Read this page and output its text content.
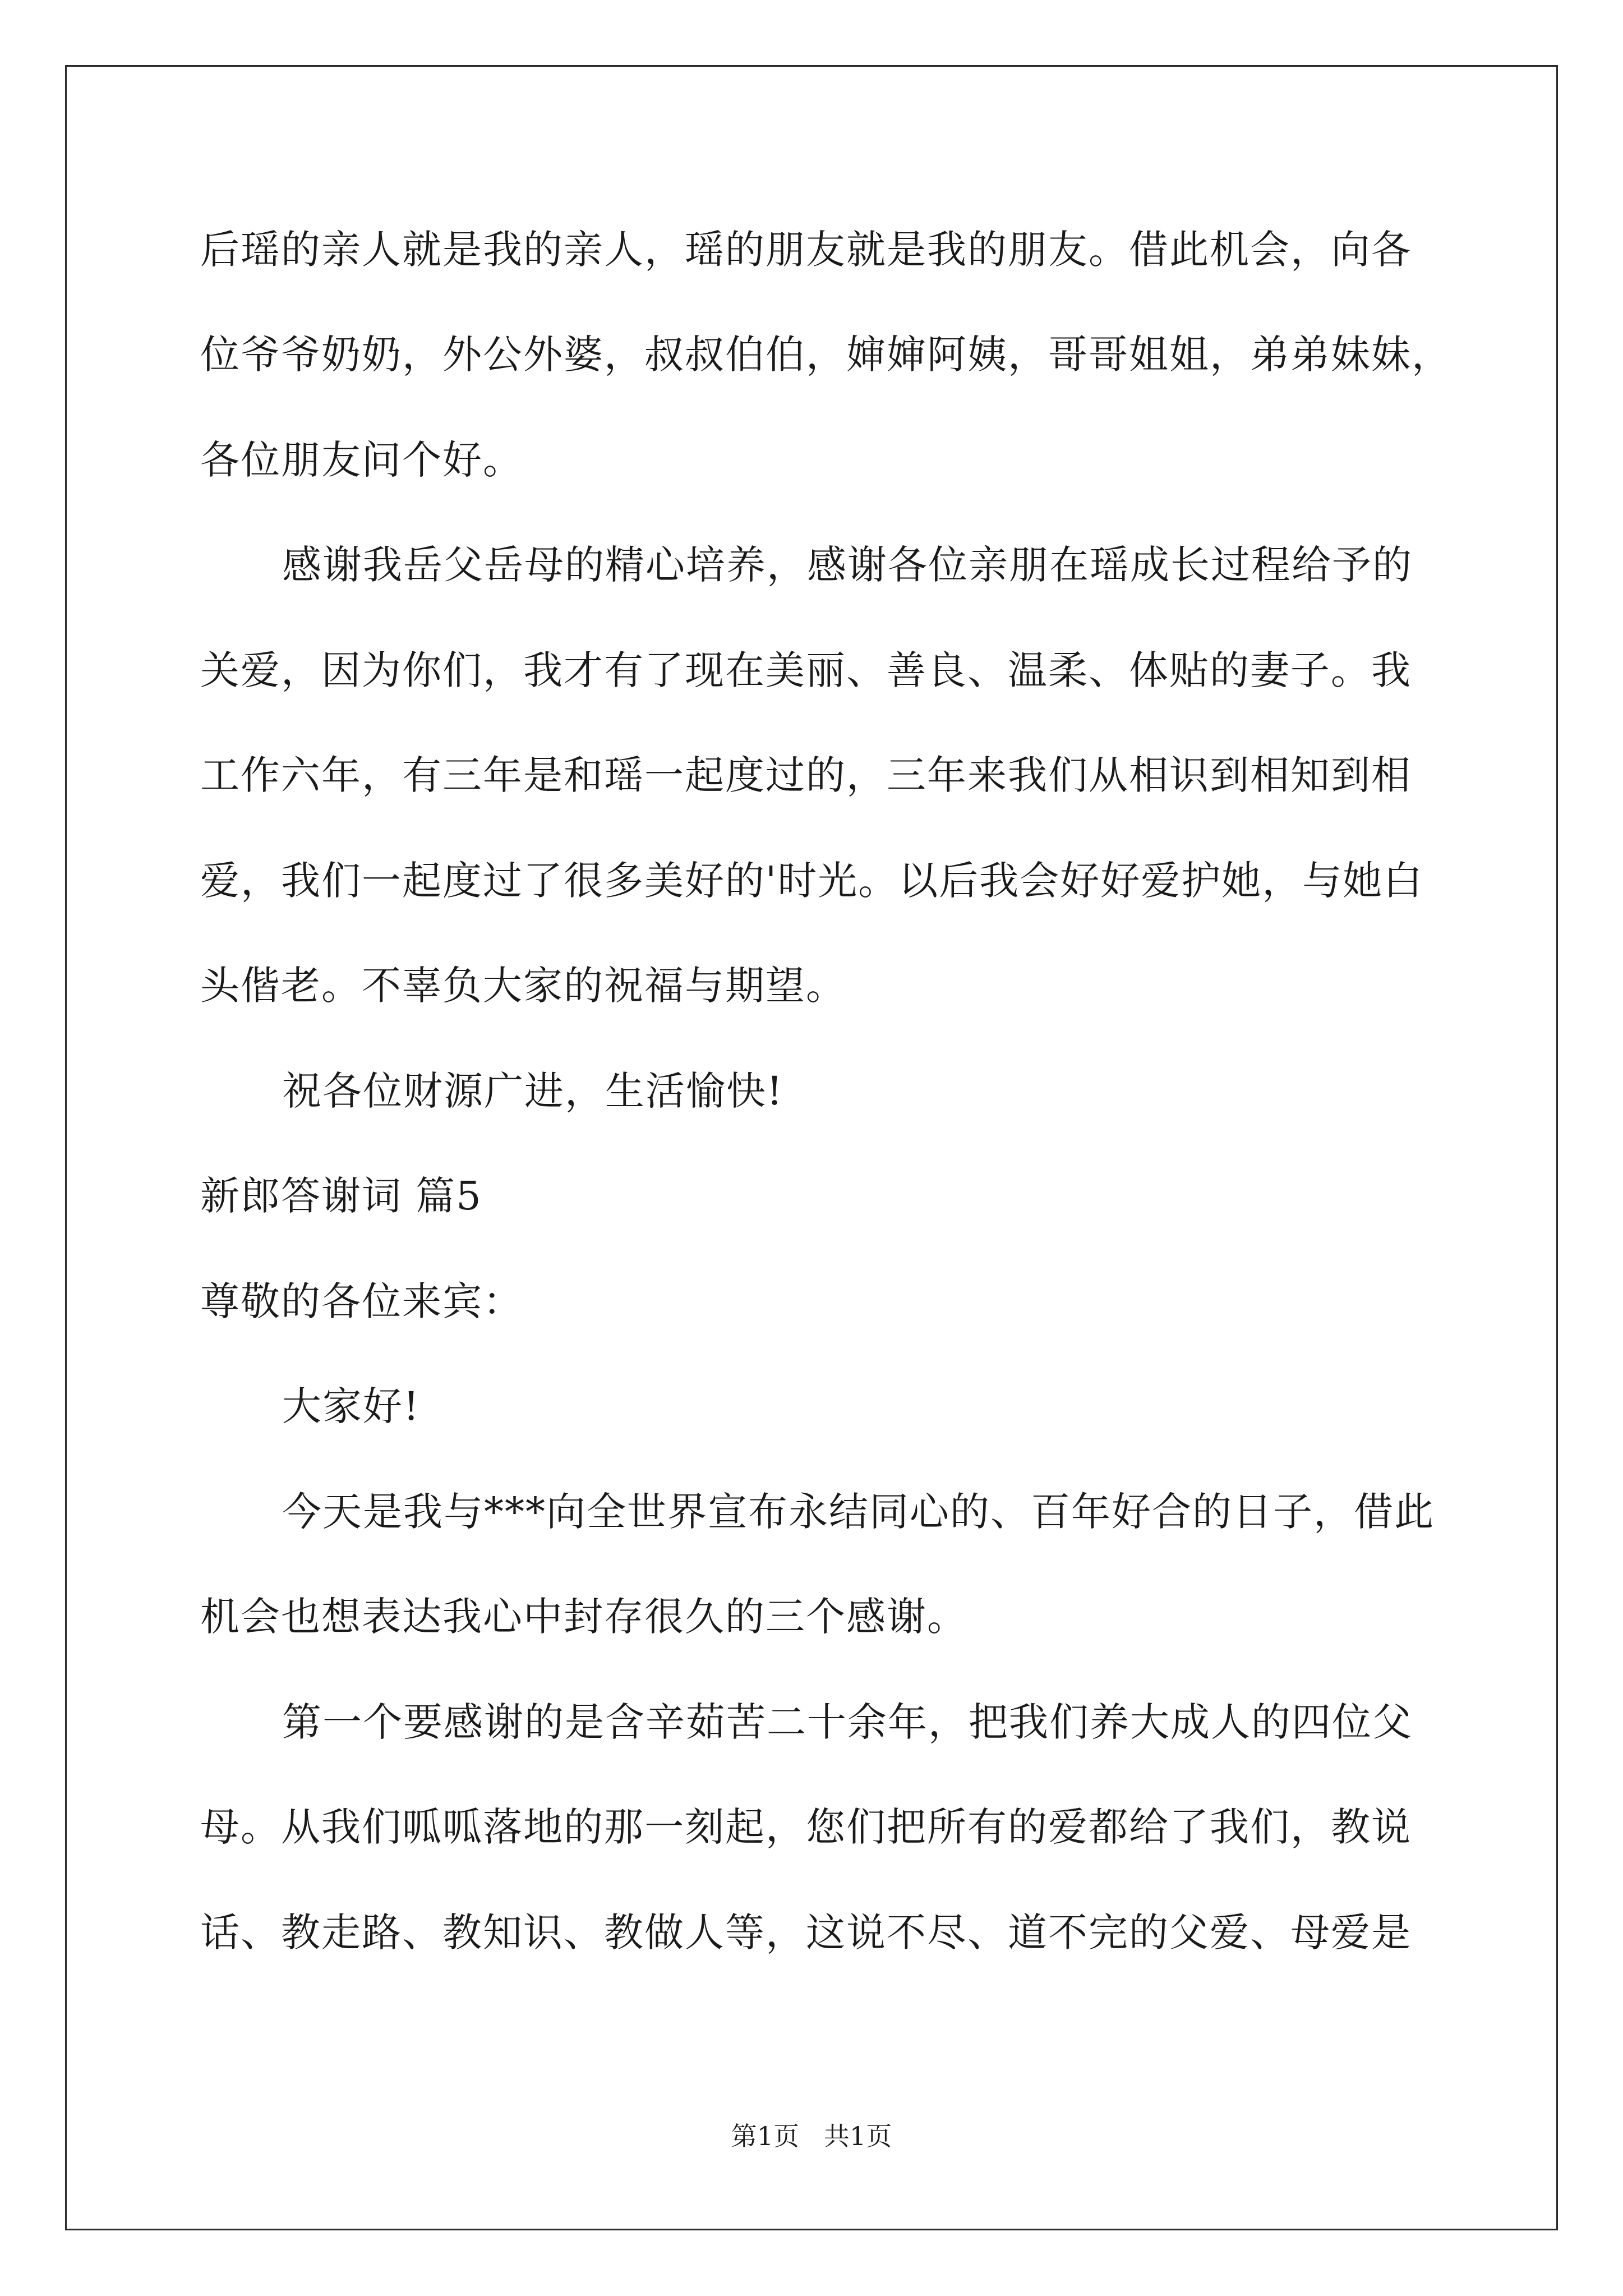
后瑶的亲人就是我的亲人，瑶的朋友就是我的朋友。借此机会，向各
位爷爷奶奶，外公外婆，叔叔伯伯，婶婶阿姨，哥哥姐姐，弟弟妹妹，
各位朋友问个好。
感谢我岳父岳母的精心培养，感谢各位亲朋在瑶成长过程给予的
关爱，因为你们，我才有了现在美丽、善良、温柔、体贴的妻子。我
工作六年，有三年是和瑶一起度过的，三年来我们从相识到相知到相
爱，我们一起度过了很多美好的'时光。以后我会好好爱护她，与她白
头偕老。不辜负大家的祝福与期望。
祝各位财源广进，生活愉快!
新郎答谢词 篇5
尊敬的各位来宾：
大家好!
今天是我与***向全世界宣布永结同心的、百年好合的日子，借此
机会也想表达我心中封存很久的三个感谢。
第一个要感谢的是含辛茹苦二十余年，把我们养大成人的四位父
母。从我们呱呱落地的那一刻起，您们把所有的爱都给了我们，教说
话、教走路、教知识、教做人等，这说不尽、道不完的父爱、母爱是
第1页   共1页
